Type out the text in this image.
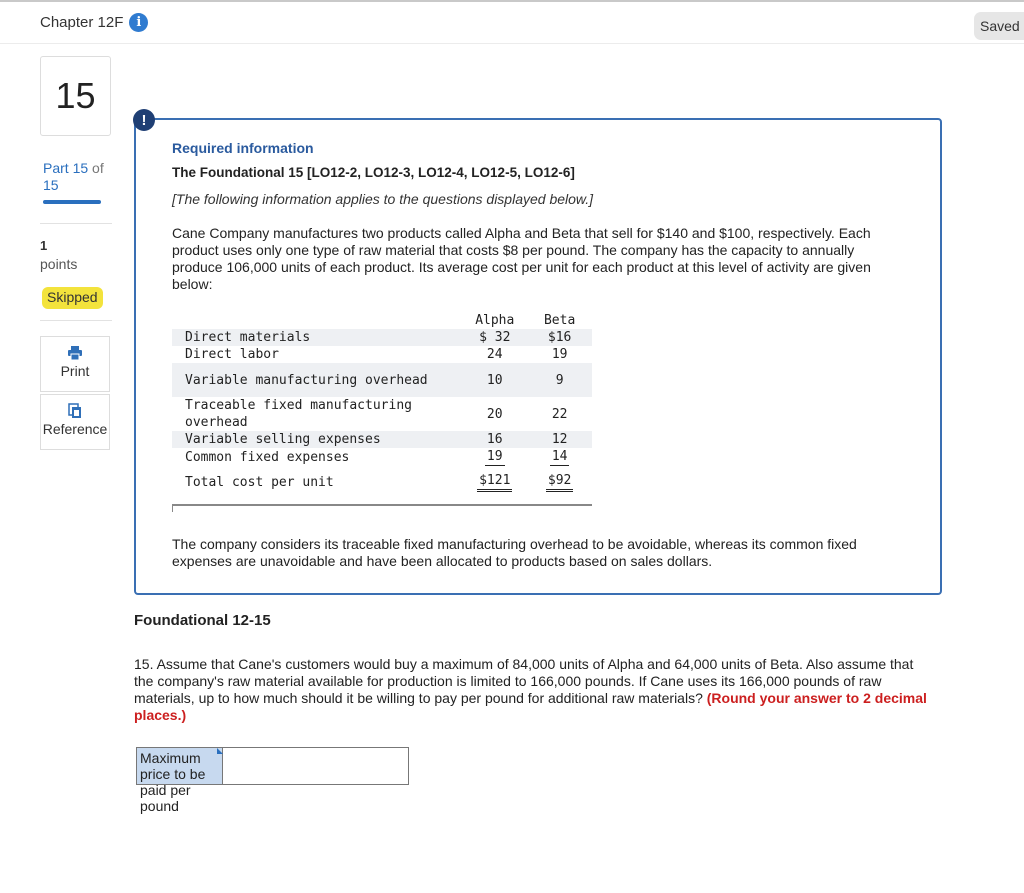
Chapter 12F	i	Saved
15
Part 15 of
15
1
points
Skipped
Print
Reference
!
Required information
The Foundational 15 [LO12-2, LO12-3, LO12-4, LO12-5, LO12-6]
[The following information applies to the questions displayed below.]
Cane Company manufactures two products called Alpha and Beta that sell for $140 and $100, respectively. Each product uses only one type of raw material that costs $8 per pound. The company has the capacity to annually produce 106,000 units of each product. Its average cost per unit for each product at this level of activity are given below:
	Alpha	Beta
Direct materials	$ 32	$16
Direct labor	24	19
Variable manufacturing overhead	10	9
Traceable fixed manufacturing overhead	20	22
Variable selling expenses	16	12
Common fixed expenses	19	14
Total cost per unit	$121	$92
The company considers its traceable fixed manufacturing overhead to be avoidable, whereas its common fixed expenses are unavoidable and have been allocated to products based on sales dollars.
Foundational 12-15
15. Assume that Cane's customers would buy a maximum of 84,000 units of Alpha and 64,000 units of Beta. Also assume that the company's raw material available for production is limited to 166,000 pounds. If Cane uses its 166,000 pounds of raw materials, up to how much should it be willing to pay per pound for additional raw materials? (Round your answer to 2 decimal places.)
Maximum price to be paid per pound
